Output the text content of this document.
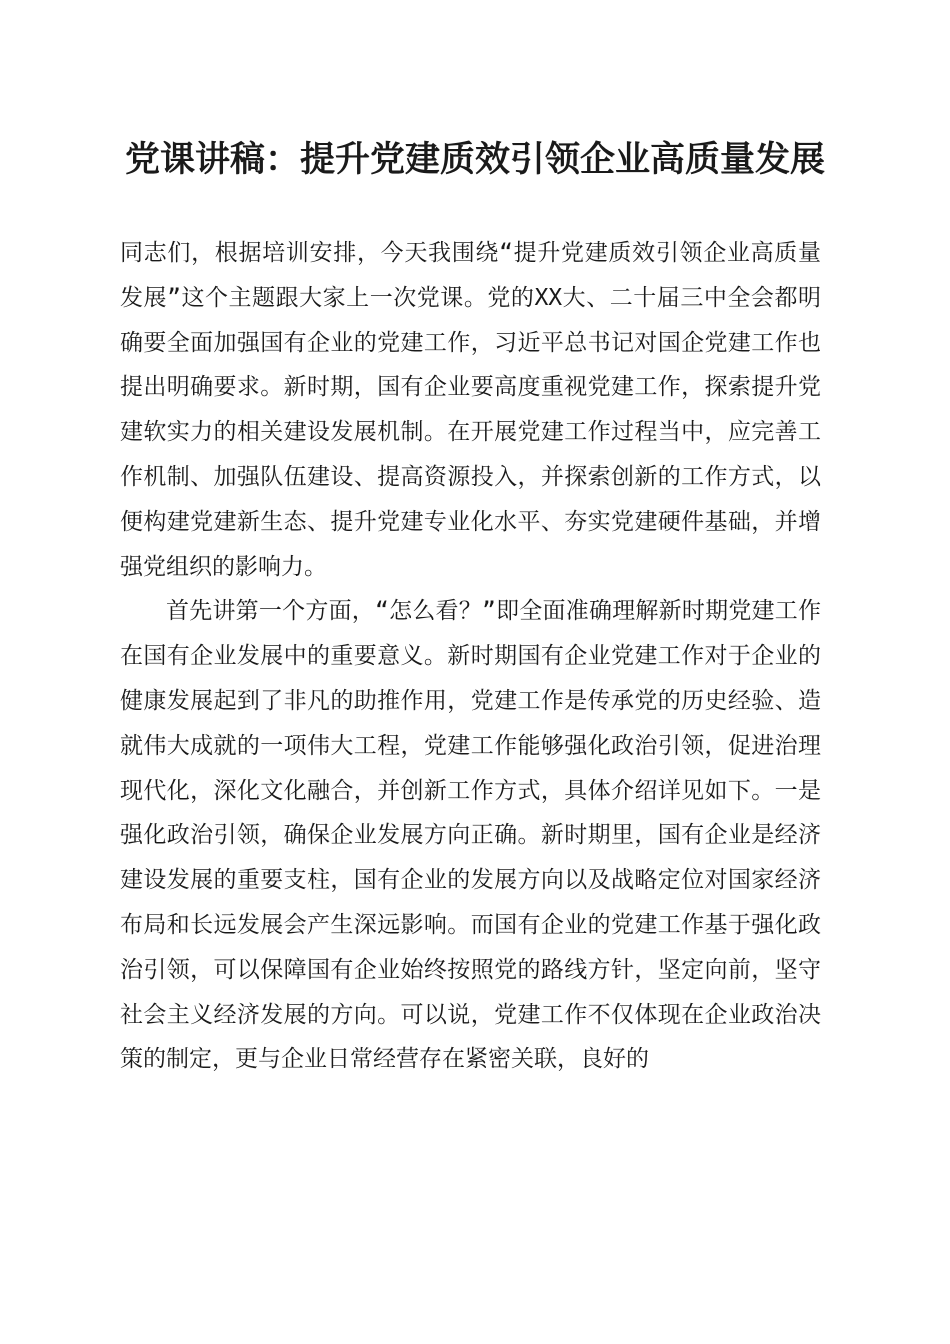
党课讲稿：提升党建质效引领企业高质量发展

同志们，根据培训安排，今天我围绕“提升党建质效引领企业高质量发展”这个主题跟大家上一次党课。党的XX大、二十届三中全会都明确要全面加强国有企业的党建工作，习近平总书记对国企党建工作也提出明确要求。新时期，国有企业要高度重视党建工作，探索提升党建软实力的相关建设发展机制。在开展党建工作过程当中，应完善工作机制、加强队伍建设、提高资源投入，并探索创新的工作方式，以便构建党建新生态、提升党建专业化水平、夯实党建硬件基础，并增强党组织的影响力。

首先讲第一个方面，“怎么看？”即全面准确理解新时期党建工作在国有企业发展中的重要意义。新时期国有企业党建工作对于企业的健康发展起到了非凡的助推作用，党建工作是传承党的历史经验、造就伟大成就的一项伟大工程，党建工作能够强化政治引领，促进治理现代化，深化文化融合，并创新工作方式，具体介绍详见如下。一是强化政治引领，确保企业发展方向正确。新时期里，国有企业是经济建设发展的重要支柱，国有企业的发展方向以及战略定位对国家经济布局和长远发展会产生深远影响。而国有企业的党建工作基于强化政治引领，可以保障国有企业始终按照党的路线方针，坚定向前，坚守社会主义经济发展的方向。可以说，党建工作不仅体现在企业政治决策的制定，更与企业日常经营存在紧密关联，良好的
